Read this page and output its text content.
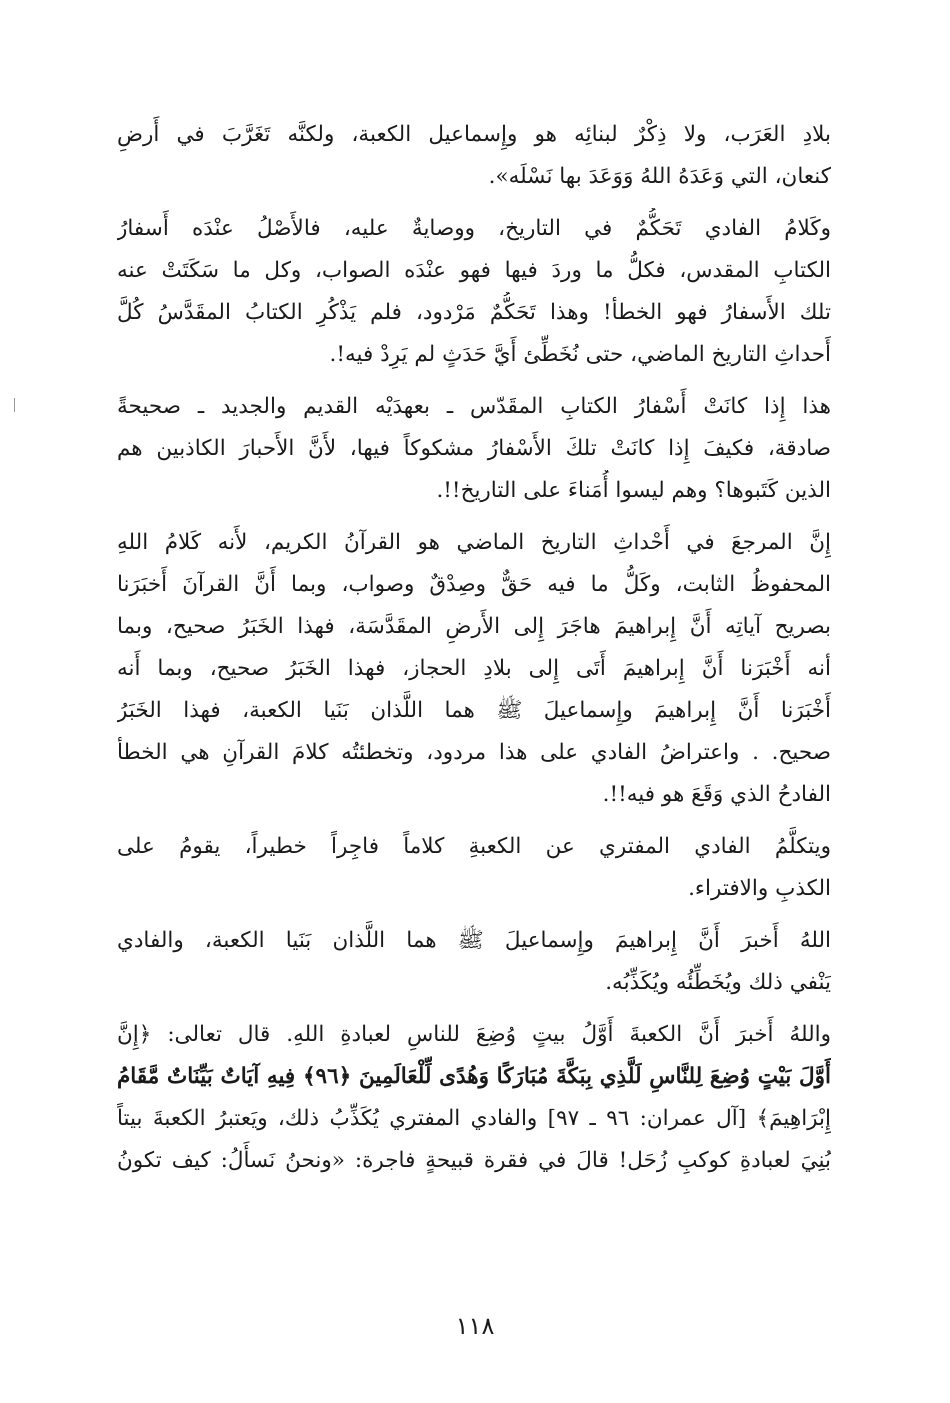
بلادِ العَرَب، ولا ذِكْرٌ لبنائِه هو وإِسماعيل الكعبة، ولكنَّه تَغَرَّبَ في أَرضِ
كنعان، التي وَعَدَهُ اللهُ وَوَعَدَ بها نَسْلَه».
وكَلامُ الفادي تَحَكُّمٌ في التاريخ، ووصايةٌ عليه، فالأَصْلُ عنْدَه أَسفارُ
الكتابِ المقدس، فكلُّ ما وردَ فيها فهو عنْدَه الصواب، وكل ما سَكَتَتْ عنه
تلك الأَسفارُ فهو الخطأ! وهذا تَحَكُّمٌ مَرْدود، فلم يَذْكُرِ الكتابُ المقَدَّسُ كُلَّ
أَحداثِ التاريخ الماضي، حتى نُخَطِّئ أَيَّ حَدَثٍ لم يَرِدْ فيه!.
هذا إِذا كانَتْ أَسْفارُ الكتابِ المقَدّس ـ بعهدَيْه القديم والجديد ـ صحيحةً
صادقة، فكيفَ إِذا كانَتْ تلكَ الأَسْفارُ مشكوكاً فيها، لأَنَّ الأَحبارَ الكاذبين هم
الذين كَتَبوها؟ وهم ليسوا أُمَناءَ على التاريخ!!.
إِنَّ المرجعَ في أَحْداثِ التاريخ الماضي هو القرآنُ الكريم، لأَنه كَلامُ اللهِ
المحفوظُ الثابت، وكَلُّ ما فيه حَقٌّ وصِدْقٌ وصواب، وبما أَنَّ القرآنَ أَخبَرَنا
بصريح آياتِه أَنَّ إِبراهيمَ هاجَرَ إِلى الأَرضِ المقَدَّسَة، فهذا الخَبَرُ صحيح، وبما
أنه أَخْبَرَنا أَنَّ إِبراهيمَ أَتَى إِلى بلادِ الحجاز، فهذا الخَبَرُ صحيح، وبما أَنه
أَخْبَرَنا أَنَّ إِبراهيمَ وإِسماعيلَ ﷺ هما اللَّذان بَنَيا الكعبة، فهذا الخَبَرُ
صحيح. . واعتراضُ الفادي على هذا مردود، وتخطئتُه كلامَ القرآنِ هي الخطأ
الفادحُ الذي وَقَعَ هو فيه!!.
ويتكلَّمُ الفادي المفتري عن الكعبةِ كلاماً فاجِراً خطيراً، يقومُ على
الكذبِ والافتراء.
اللهُ أَخبرَ أَنَّ إِبراهيمَ وإِسماعيلَ ﷺ هما اللَّذان بَنَيا الكعبة، والفادي
يَنْفي ذلك ويُخَطِّئُه ويُكَذِّبُه.
واللهُ أَخبرَ أَنَّ الكعبةَ أَوَّلُ بيتٍ وُضِعَ للناسِ لعبادةِ اللهِ. قال تعالى: ﴿إِنَّ
أَوَّلَ بَيْتٍ وُضِعَ لِلنَّاسِ لَلَّذِي بِبَكَّةَ مُبَارَكًا وَهُدًى لِّلْعَالَمِينَ ﴿٩٦﴾ فِيهِ آيَاتٌ بَيِّنَاتٌ مَّقَامُ
إِبْرَاهِيمَ﴾ [آل عمران: ٩٦ ـ ٩٧] والفادي المفتري يُكَذِّبُ ذلك، ويَعتبرُ الكعبةَ بيتاً
بُنِيَ لعبادةِ كوكبِ زُحَل! قالَ في فقرة قبيحةٍ فاجرة: «ونحنُ نَسأَلُ: كيف تكونُ
١١٨
